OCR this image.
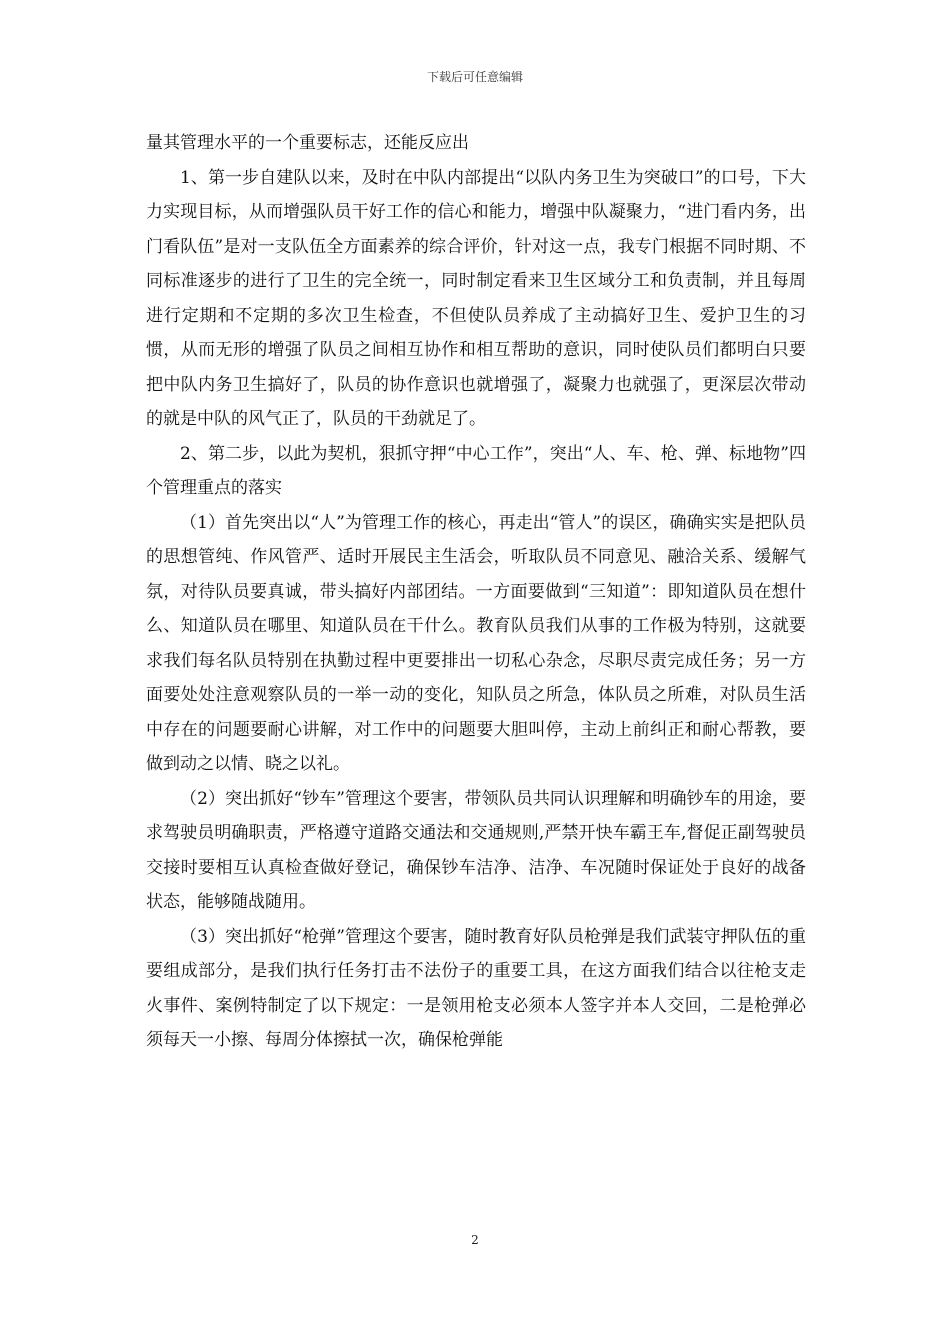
下载后可任意编辑

量其管理水平的一个重要标志，还能反应出

1、第一步自建队以来，及时在中队内部提出“以队内务卫生为突破口”的口号，下大力实现目标，从而增强队员干好工作的信心和能力，增强中队凝聚力，“进门看内务，出门看队伍”是对一支队伍全方面素养的综合评价，针对这一点，我专门根据不同时期、不同标准逐步的进行了卫生的完全统一，同时制定看来卫生区域分工和负责制，并且每周进行定期和不定期的多次卫生检查，不但使队员养成了主动搞好卫生、爱护卫生的习惯，从而无形的增强了队员之间相互协作和相互帮助的意识，同时使队员们都明白只要把中队内务卫生搞好了，队员的协作意识也就增强了，凝聚力也就强了，更深层次带动的就是中队的风气正了，队员的干劲就足了。

2、第二步，以此为契机，狠抓守押“中心工作”，突出“人、车、枪、弹、标地物”四个管理重点的落实

（1）首先突出以“人”为管理工作的核心，再走出“管人”的误区，确确实实是把队员的思想管纯、作风管严、适时开展民主生活会，听取队员不同意见、融洽关系、缓解气氛，对待队员要真诚，带头搞好内部团结。一方面要做到“三知道”：即知道队员在想什么、知道队员在哪里、知道队员在干什么。教育队员我们从事的工作极为特别，这就要求我们每名队员特别在执勤过程中更要排出一切私心杂念，尽职尽责完成任务；另一方面要处处注意观察队员的一举一动的变化，知队员之所急，体队员之所难，对队员生活中存在的问题要耐心讲解，对工作中的问题要大胆叫停，主动上前纠正和耐心帮教，要做到动之以情、晓之以礼。

（2）突出抓好“钞车”管理这个要害，带领队员共同认识理解和明确钞车的用途，要求驾驶员明确职责，严格遵守道路交通法和交通规则,严禁开快车霸王车,督促正副驾驶员交接时要相互认真检查做好登记，确保钞车洁净、洁净、车况随时保证处于良好的战备状态，能够随战随用。

（3）突出抓好“枪弹”管理这个要害，随时教育好队员枪弹是我们武装守押队伍的重要组成部分，是我们执行任务打击不法份子的重要工具，在这方面我们结合以往枪支走火事件、案例特制定了以下规定：一是领用枪支必须本人签字并本人交回，二是枪弹必须每天一小擦、每周分体擦拭一次，确保枪弹能

2
